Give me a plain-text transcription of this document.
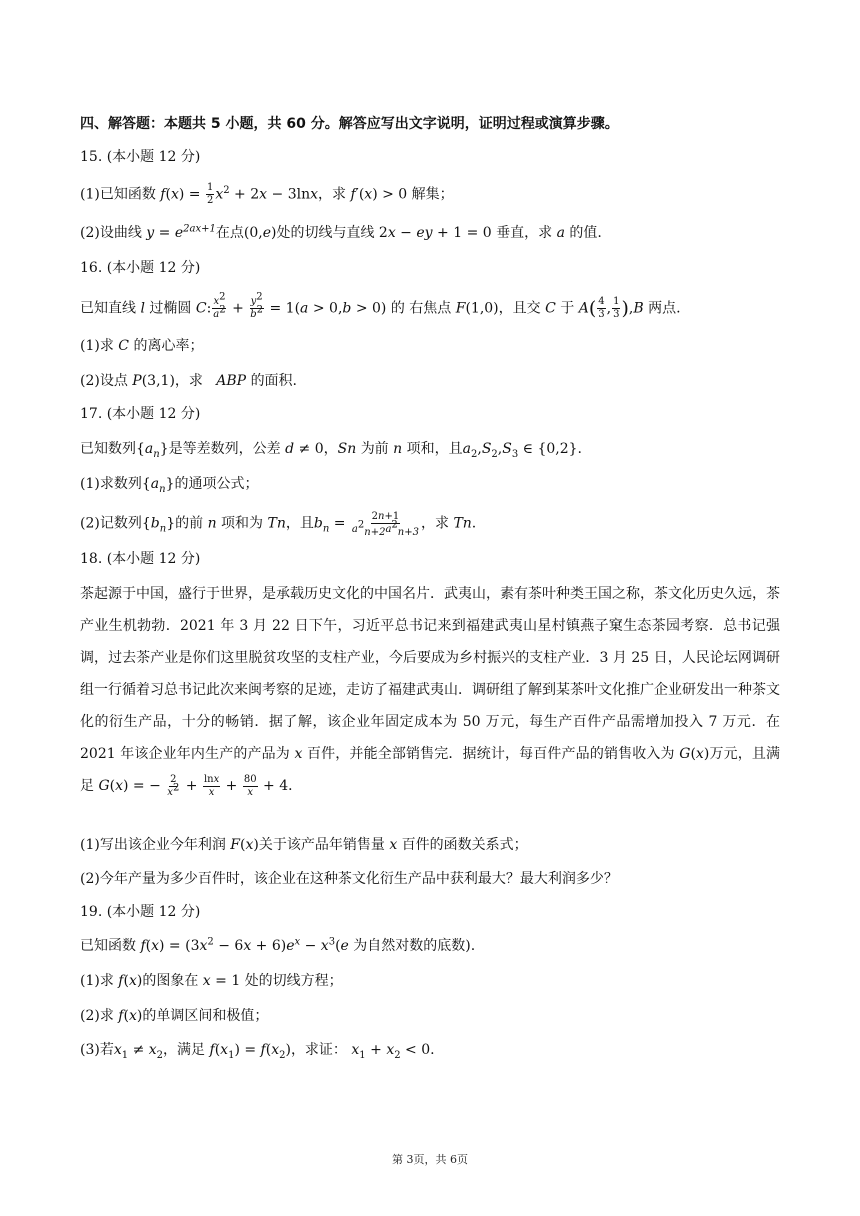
四、解答题：本题共 5 小题，共 60 分。解答应写出文字说明，证明过程或演算步骤。
15. (本小题 12 分)
(1)已知函数 $f(x) = \frac{1}{2} x^2 + 2x - 3\ln x$，求 f′(x) > 0 解集；
(2)设曲线 $y = e^{2ax+1}$在点(0,e)处的切线与直线 2x − ey + 1 = 0 垂直，求 a 的值.
16. (本小题 12 分)
已知直线 l 过椭圆 C: $\frac{x^2}{a^2} + \frac{y^2}{b^2} = 1(a > 0,b > 0)$ 的 右焦点 F(1,0)，且交 C 于 $A( \frac{4}{3}$ , $\frac{1}{3} ),B$ 两点.
(1)求 C 的离心率；
(2)设点 P(3,1)，求 ABP 的面积.
17. (本小题 12 分)
已知数列$\{a_n\}$是等差数列，公差 d ≠ 0，Sn 为前 n 项和，且$a_2,S_2,S_3$ ∈ {0,2}.
(1)求数列$\{a_n\}$的通项公式；
(2)记数列$\{b_n\}$的前 n 项和为 Tn，且$b_n = \frac{2n+1}{a^2_{n+2}a^2_{n+3}}$ ，求 Tn.
18. (本小题 12 分)
茶起源于中国，盛行于世界，是承载历史文化的中国名片．武夷山，素有茶叶种类王国之称，茶文化历史久远，茶产业生机勃勃．2021 年 3 月 22 日下午，习近平总书记来到福建武夷山星村镇燕子窠生态茶园考察．总书记强调，过去茶产业是你们这里脱贫攻坚的支柱产业，今后要成为乡村振兴的支柱产业．3 月 25 日，人民论坛网调研组一行循着习总书记此次来闽考察的足迹，走访了福建武夷山．调研组了解到某茶叶文化推广企业研发出一种茶文化的衍生产品，十分的畅销．据了解，该企业年固定成本为 50 万元，每生产百件产品需增加投入 7 万元．在 2021 年该企业年内生产的产品为 x 百件，并能全部销售完．据统计，每百件产品的销售收入为 G(x)万元，且满足 G(x) = − $\frac{2}{x^2} + \frac{\ln x}{x} + \frac{80}{x} + 4$．
(1)写出该企业今年利润 F(x)关于该产品年销售量 x 百件的函数关系式；
(2)今年产量为多少百件时，该企业在这种茶文化衍生产品中获利最大？最大利润多少？
19. (本小题 12 分)
已知函数 $f(x) = (3x^2 - 6x + 6)e^x - x^3(e$ 为自然对数的底数).
(1)求 f(x)的图象在 x = 1 处的切线方程；
(2)求 f(x)的单调区间和极值；
(3)若$x_1 \ne x_2$，满足 $f(x_1) = f(x_2)$，求证： $x_1 + x_2 < 0$.
第 3页，共 6页
